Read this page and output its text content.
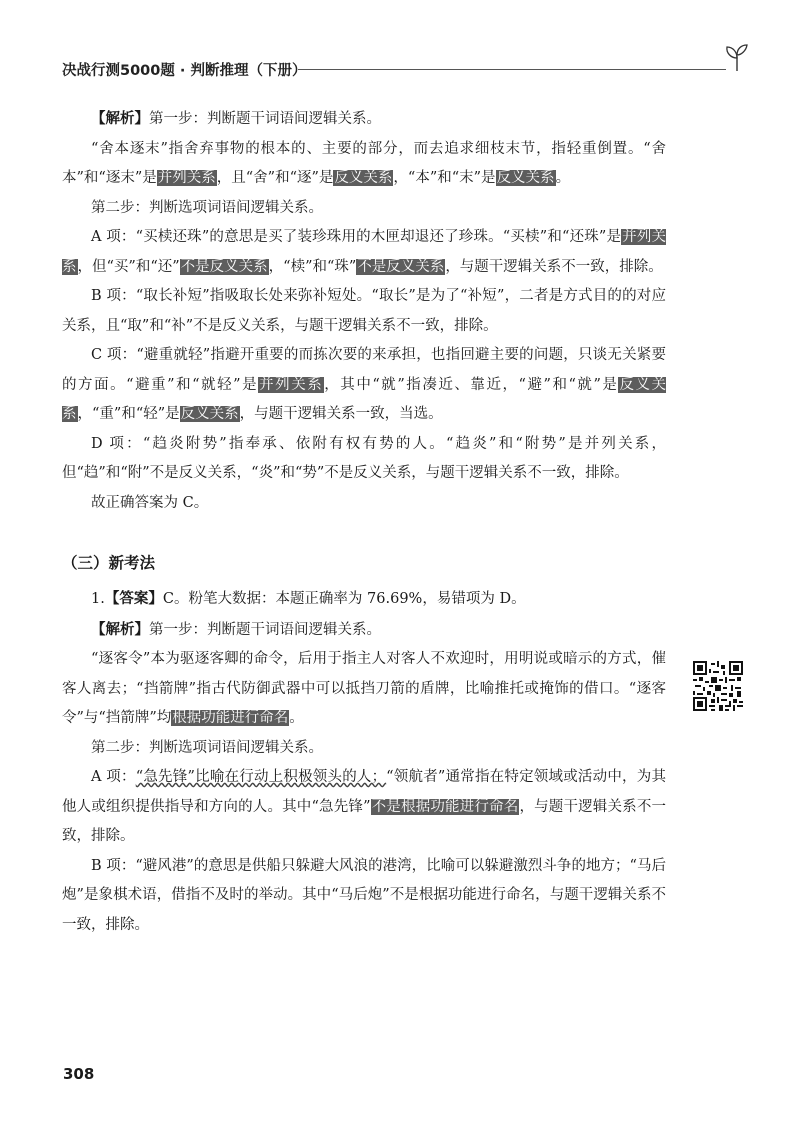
决战行测5000题 · 判断推理（下册）

【解析】第一步：判断题干词语间逻辑关系。

“舍本逐末”指舍弃事物的根本的、主要的部分，而去追求细枝末节，指轻重倒置。“舍本”和“逐末”是并列关系，且“舍”和“逐”是反义关系，“本”和“末”是反义关系。

第二步：判断选项词语间逻辑关系。

A 项：“买椟还珠”的意思是买了装珍珠用的木匣却退还了珍珠。“买椟”和“还珠”是并列关系，但“买”和“还”不是反义关系，“椟”和“珠”不是反义关系，与题干逻辑关系不一致，排除。

B 项：“取长补短”指吸取长处来弥补短处。“取长”是为了“补短”，二者是方式目的的对应关系，且“取”和“补”不是反义关系，与题干逻辑关系不一致，排除。

C 项：“避重就轻”指避开重要的而拣次要的来承担，也指回避主要的问题，只谈无关紧要的方面。“避重”和“就轻”是并列关系，其中“就”指凑近、靠近，“避”和“就”是反义关系，“重”和“轻”是反义关系，与题干逻辑关系一致，当选。

D 项：“趋炎附势”指奉承、依附有权有势的人。“趋炎”和“附势”是并列关系，但“趋”和“附”不是反义关系，“炎”和“势”不是反义关系，与题干逻辑关系不一致，排除。

故正确答案为 C。

（三）新考法

1.【答案】C。粉笔大数据：本题正确率为 76.69%，易错项为 D。

【解析】第一步：判断题干词语间逻辑关系。

“逐客令”本为驱逐客卿的命令，后用于指主人对客人不欢迎时，用明说或暗示的方式，催客人离去；“挡箭牌”指古代防御武器中可以抵挡刀箭的盾牌，比喻推托或掩饰的借口。“逐客令”与“挡箭牌”均根据功能进行命名。

第二步：判断选项词语间逻辑关系。

A 项：“急先锋”比喻在行动上积极领头的人；“领航者”通常指在特定领域或活动中，为其他人或组织提供指导和方向的人。其中“急先锋”不是根据功能进行命名，与题干逻辑关系不一致，排除。

B 项：“避风港”的意思是供船只躲避大风浪的港湾，比喻可以躲避激烈斗争的地方；“马后炮”是象棋术语，借指不及时的举动。其中“马后炮”不是根据功能进行命名，与题干逻辑关系不一致，排除。

308
